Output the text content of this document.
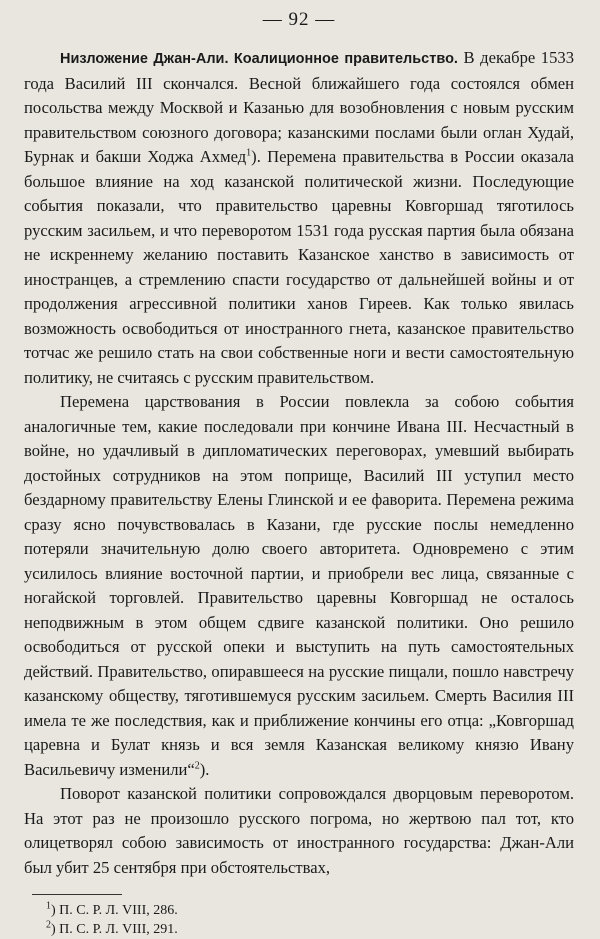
— 92 —

Низложение Джан-Али. Коалиционное правительство. В декабре 1533 года Василий III скончался. Весной ближайшего года состоялся обмен посольства между Москвой и Казанью для возобновления с новым русским правительством союзного договора; казанскими послами были оглан Худай, Бурнак и бакши Ходжа Ахмед$^1$). Перемена правительства в России оказала большое влияние на ход казанской политической жизни. Последующие события показали, что правительство царевны Ковгоршад тяготилось русским засильем, и что переворотом 1531 года русская партия была обязана не искреннему желанию поставить Казанское ханство в зависимость от иностранцев, а стремлению спасти государство от дальнейшей войны и от продолжения агрессивной политики ханов Гиреев. Как только явилась возможность освободиться от иностранного гнета, казанское правительство тотчас же решило стать на свои собственные ноги и вести самостоятельную политику, не считаясь с русским правительством.

Перемена царствования в России повлекла за собою события аналогичные тем, какие последовали при кончине Ивана III. Несчастный в войне, но удачливый в дипломатических переговорах, умевший выбирать достойных сотрудников на этом поприще, Василий III уступил место бездарному правительству Елены Глинской и ее фаворита. Перемена режима сразу ясно почувствовалась в Казани, где русские послы немедленно потеряли значительную долю своего авторитета. Одновремено с этим усилилось влияние восточной партии, и приобрели вес лица, связанные с ногайской торговлей. Правительство царевны Ковгоршад не осталось неподвижным в этом общем сдвиге казанской политики. Оно решило освободиться от русской опеки и выступить на путь самостоятельных действий. Правительство, опиравшееся на русские пищали, пошло навстречу казанскому обществу, тяготившемуся русским засильем. Смерть Василия III имела те же последствия, как и приближение кончины его отца: „Ковгоршад царевна и Булат князь и вся земля Казанская великому князю Ивану Васильевичу изменили“$^2$).

Поворот казанской политики сопровождался дворцовым переворотом. На этот раз не произошло русского погрома, но жертвою пал тот, кто олицетворял собою зависимость от иностранного государства: Джан-Али был убит 25 сентября при обстоятельствах,

$^1$) П. С. Р. Л. VIII, 286.
$^2$) П. С. Р. Л. VIII, 291.
